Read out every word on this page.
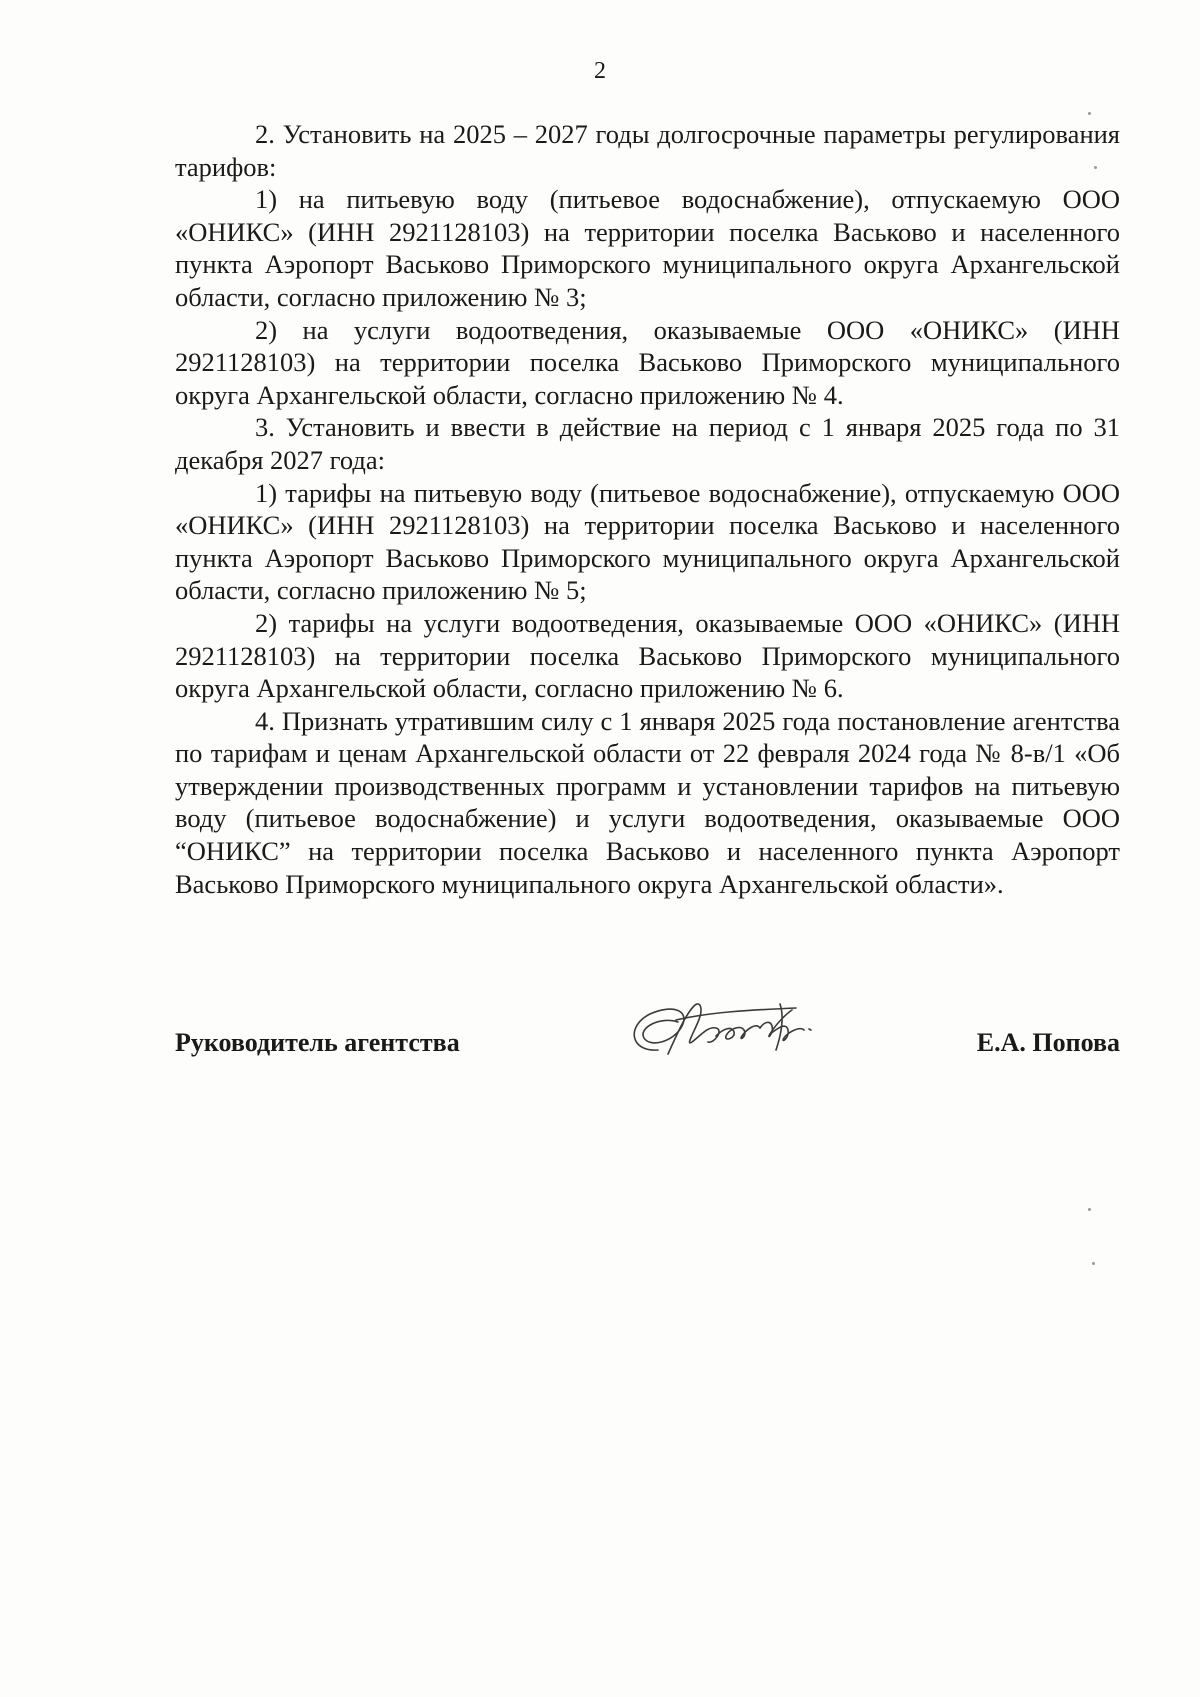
2

2. Установить на 2025 – 2027 годы долгосрочные параметры регулирования тарифов:

1) на питьевую воду (питьевое водоснабжение), отпускаемую ООО «ОНИКС» (ИНН 2921128103) на территории поселка Васьково и населенного пункта Аэропорт Васьково Приморского муниципального округа Архангельской области, согласно приложению № 3;

2) на услуги водоотведения, оказываемые ООО «ОНИКС» (ИНН 2921128103) на территории поселка Васьково Приморского муниципального округа Архангельской области, согласно приложению № 4.

3. Установить и ввести в действие на период с 1 января 2025 года по 31 декабря 2027 года:

1) тарифы на питьевую воду (питьевое водоснабжение), отпускаемую ООО «ОНИКС» (ИНН 2921128103) на территории поселка Васьково и населенного пункта Аэропорт Васьково Приморского муниципального округа Архангельской области, согласно приложению № 5;

2) тарифы на услуги водоотведения, оказываемые ООО «ОНИКС» (ИНН 2921128103) на территории поселка Васьково Приморского муниципального округа Архангельской области, согласно приложению № 6.

4. Признать утратившим силу с 1 января 2025 года постановление агентства по тарифам и ценам Архангельской области от 22 февраля 2024 года № 8-в/1 «Об утверждении производственных программ и установлении тарифов на питьевую воду (питьевое водоснабжение) и услуги водоотведения, оказываемые ООО “ОНИКС” на территории поселка Васьково и населенного пункта Аэропорт Васьково Приморского муниципального округа Архангельской области».

Руководитель агентства	Е.А. Попова
